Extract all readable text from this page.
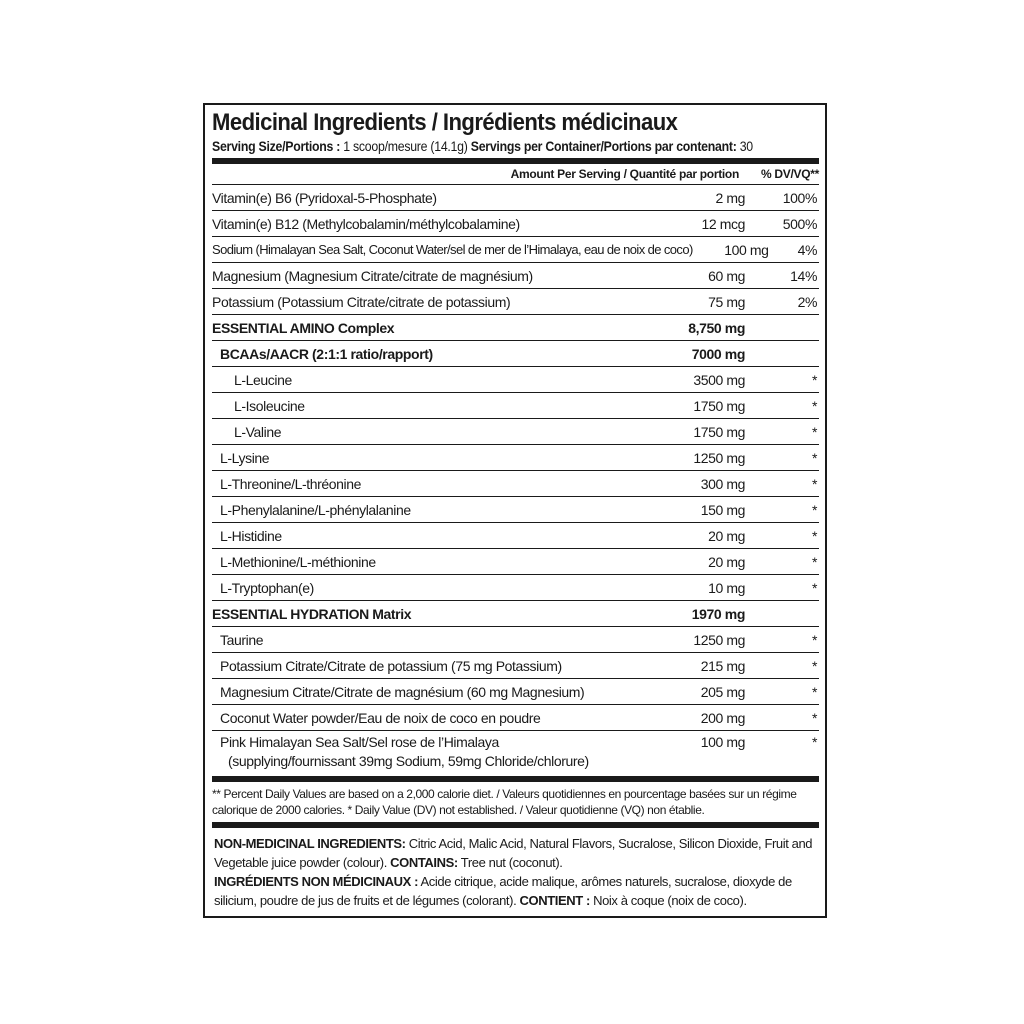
Medicinal Ingredients / Ingrédients médicinaux
Serving Size/Portions : 1 scoop/mesure (14.1g) Servings per Container/Portions par contenant: 30
Amount Per Serving / Quantité par portion	% DV/VQ**
Vitamin(e) B6 (Pyridoxal-5-Phosphate)	2 mg	100%
Vitamin(e) B12 (Methylcobalamin/méthylcobalamine)	12 mcg	500%
Sodium (Himalayan Sea Salt, Coconut Water/sel de mer de l’Himalaya, eau de noix de coco)	100 mg	4%
Magnesium (Magnesium Citrate/citrate de magnésium)	60 mg	14%
Potassium (Potassium Citrate/citrate de potassium)	75 mg	2%
ESSENTIAL AMINO Complex	8,750 mg
BCAAs/AACR (2:1:1 ratio/rapport)	7000 mg
L-Leucine	3500 mg	*
L-Isoleucine	1750 mg	*
L-Valine	1750 mg	*
L-Lysine	1250 mg	*
L-Threonine/L-thréonine	300 mg	*
L-Phenylalanine/L-phénylalanine	150 mg	*
L-Histidine	20 mg	*
L-Methionine/L-méthionine	20 mg	*
L-Tryptophan(e)	10 mg	*
ESSENTIAL HYDRATION Matrix	1970 mg
Taurine	1250 mg	*
Potassium Citrate/Citrate de potassium (75 mg Potassium)	215 mg	*
Magnesium Citrate/Citrate de magnésium (60 mg Magnesium)	205 mg	*
Coconut Water powder/Eau de noix de coco en poudre	200 mg	*
Pink Himalayan Sea Salt/Sel rose de l’Himalaya
(supplying/fournissant 39mg Sodium, 59mg Chloride/chlorure)
100 mg	*
** Percent Daily Values are based on a 2,000 calorie diet. / Valeurs quotidiennes en pourcentage basées sur un régime
calorique de 2000 calories. * Daily Value (DV) not established. / Valeur quotidienne (VQ) non établie.
NON-MEDICINAL INGREDIENTS: Citric Acid, Malic Acid, Natural Flavors, Sucralose, Silicon Dioxide, Fruit and Vegetable juice powder (colour). CONTAINS: Tree nut (coconut).
INGRÉDIENTS NON MÉDICINAUX : Acide citrique, acide malique, arômes naturels, sucralose, dioxyde de silicium, poudre de jus de fruits et de légumes (colorant). CONTIENT : Noix à coque (noix de coco).
